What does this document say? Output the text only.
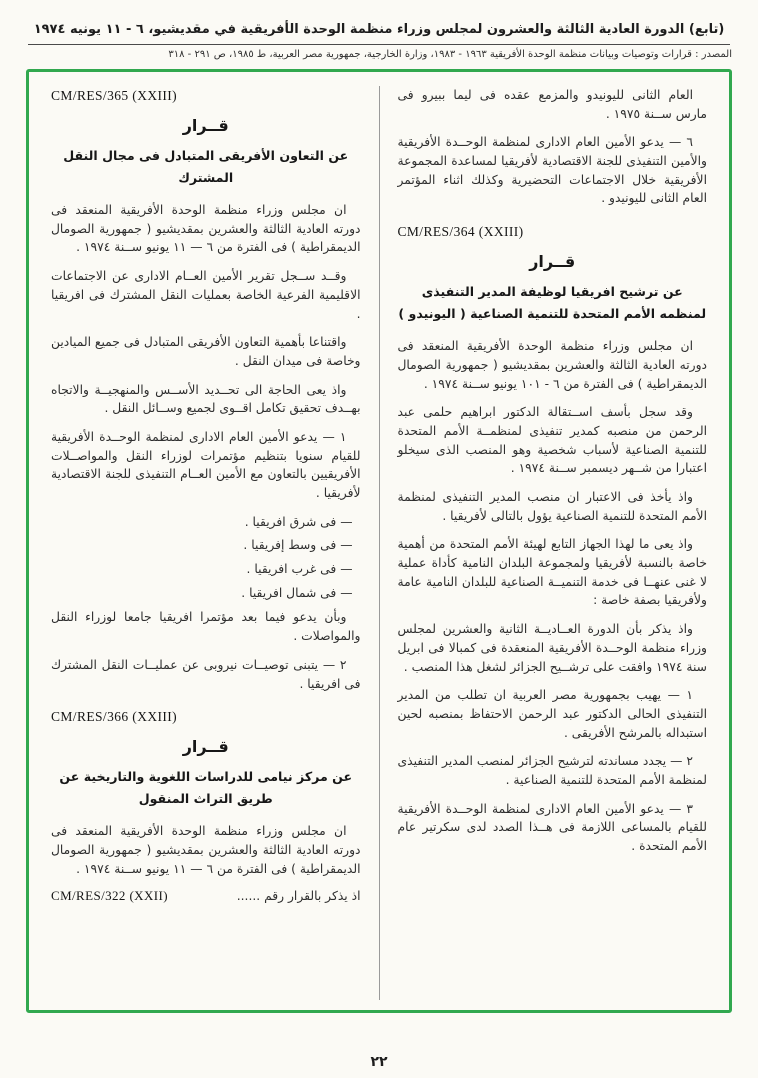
(تابع) الدورة العادية الثالثة والعشرون لمجلس وزراء منظمة الوحدة الأفريقية في مقديشيو، ٦ - ١١ يونيه ١٩٧٤
المصدر : قرارات وتوصيات وبيانات منظمة الوحدة الأفريقية ١٩٦٣ - ١٩٨٣، وزارة الخارجية، جمهورية مصر العربية، ط ١٩٨٥، ص ٢٩١ - ٣١٨

العام الثانى لليونيدو والمزمع عقده فى ليما ببيرو فى مارس ســنة ١٩٧٥ .

٦ — يدعو الأمين العام الادارى لمنظمة الوحــدة الأفريقية والأمين التنفيذى للجنة الاقتصادية لأفريقيا لمساعدة المجموعة الأفريقية خلال الاجتماعات التحضيرية وكذلك اثناء المؤتمر العام الثانى لليونيدو .

CM/RES/364 (XXIII)
قــرار
عن ترشيح افريقيا لوظيفة المدير التنفيذى لمنظمه الأمم المتحدة للتنمية الصناعية ( اليونيدو )

ان مجلس وزراء منظمة الوحدة الأفريقية المنعقد فى دورته العادية الثالثة والعشرين بمقديشيو ( جمهورية الصومال الديمقراطية ) فى الفترة من ٦ - ١٠١ يونيو ســنة ١٩٧٤ .

وقد سجل بأسف اســتقالة الدكتور ابراهيم حلمى عبد الرحمن من منصبه كمدير تنفيذى لمنظمــة الأمم المتحدة للتنمية الصناعية لأسباب شخصية وهو المنصب الذى سيخلو اعتبارا من شــهر ديسمبر ســنة ١٩٧٤ .

واذ يأخذ فى الاعتبار ان منصب المدير التنفيذى لمنظمة الأمم المتحدة للتنمية الصناعية يؤول بالتالى لأفريقيا .

واذ يعى ما لهذا الجهاز التابع لهيئة الأمم المتحدة من أهمية خاصة بالنسبة لأفريقيا ولمجموعة البلدان النامية كأداة عملية لا غنى عنهــا فى خدمة التنميــة الصناعية للبلدان النامية عامة ولأفريقيا بصفة خاصة :

واذ يذكر بأن الدورة العــاديــة الثانية والعشرين لمجلس وزراء منظمة الوحــدة الأفريقية المنعقدة فى كمبالا فى ابريل سنة ١٩٧٤ وافقت على ترشــيح الجزائر لشغل هذا المنصب .

١ — يهيب بجمهورية مصر العربية ان تطلب من المدير التنفيذى الحالى الدكتور عبد الرحمن الاحتفاظ بمنصبه لحين استبداله بالمرشح الأفريقى .

٢ — يجدد مساندته لترشيح الجزائر لمنصب المدير التنفيذى لمنظمة الأمم المتحدة للتنمية الصناعية .

٣ — يدعو الأمين العام الادارى لمنظمة الوحــدة الأفريقية للقيام بالمساعى اللازمة فى هــذا الصدد لدى سكرتير عام الأمم المتحدة .

CM/RES/365 (XXIII)
قــرار
عن التعاون الأفريقى المتبادل فى مجال النقل المشترك

ان مجلس وزراء منظمة الوحدة الأفريقية المنعقد فى دورته العادية الثالثة والعشرين بمقديشيو ( جمهورية الصومال الديمقراطية ) فى الفترة من ٦ — ١١ يونيو ســنة ١٩٧٤ .

وقــد ســجل تقرير الأمين العــام الادارى عن الاجتماعات الاقليمية الفرعية الخاصة بعمليات النقل المشترك فى افريقيا .

واقتناعا بأهمية التعاون الأفريقى المتبادل فى جميع الميادين وخاصة فى ميدان النقل .

واذ يعى الحاجة الى تحــديد الأســس والمنهجيــة والاتجاه بهــدف تحقيق تكامل اقــوى لجميع وســائل النقل .

١ — يدعو الأمين العام الادارى لمنظمة الوحــدة الأفريقية للقيام سنويا بتنظيم مؤتمرات لوزراء النقل والمواصــلات الأفريقيين بالتعاون مع الأمين العــام التنفيذى للجنة الاقتصادية لأفريقيا .

— فى شرق افريقيا .

— فى وسط إفريقيا .

— فى غرب افريقيا .

— فى شمال افريقيا .

وبأن يدعو فيما بعد مؤتمرا افريقيا جامعا لوزراء النقل والمواصلات .

٢ — يتبنى توصيــات نيروبى عن عمليــات النقل المشترك فى افريقيا .

CM/RES/366 (XXIII)
قــرار
عن مركز نيامى للدراسات اللغوية والتاريخية عن طريق التراث المنقول

ان مجلس وزراء منظمة الوحدة الأفريقية المنعقد فى دورته العادية الثالثة والعشرين بمقديشيو ( جمهورية الصومال الديمقراطية ) فى الفترة من ٦ — ١١ يونيو ســنة ١٩٧٤ .

اذ يذكر بالقرار رقم ......
CM/RES/322 (XXII)
٢٢
